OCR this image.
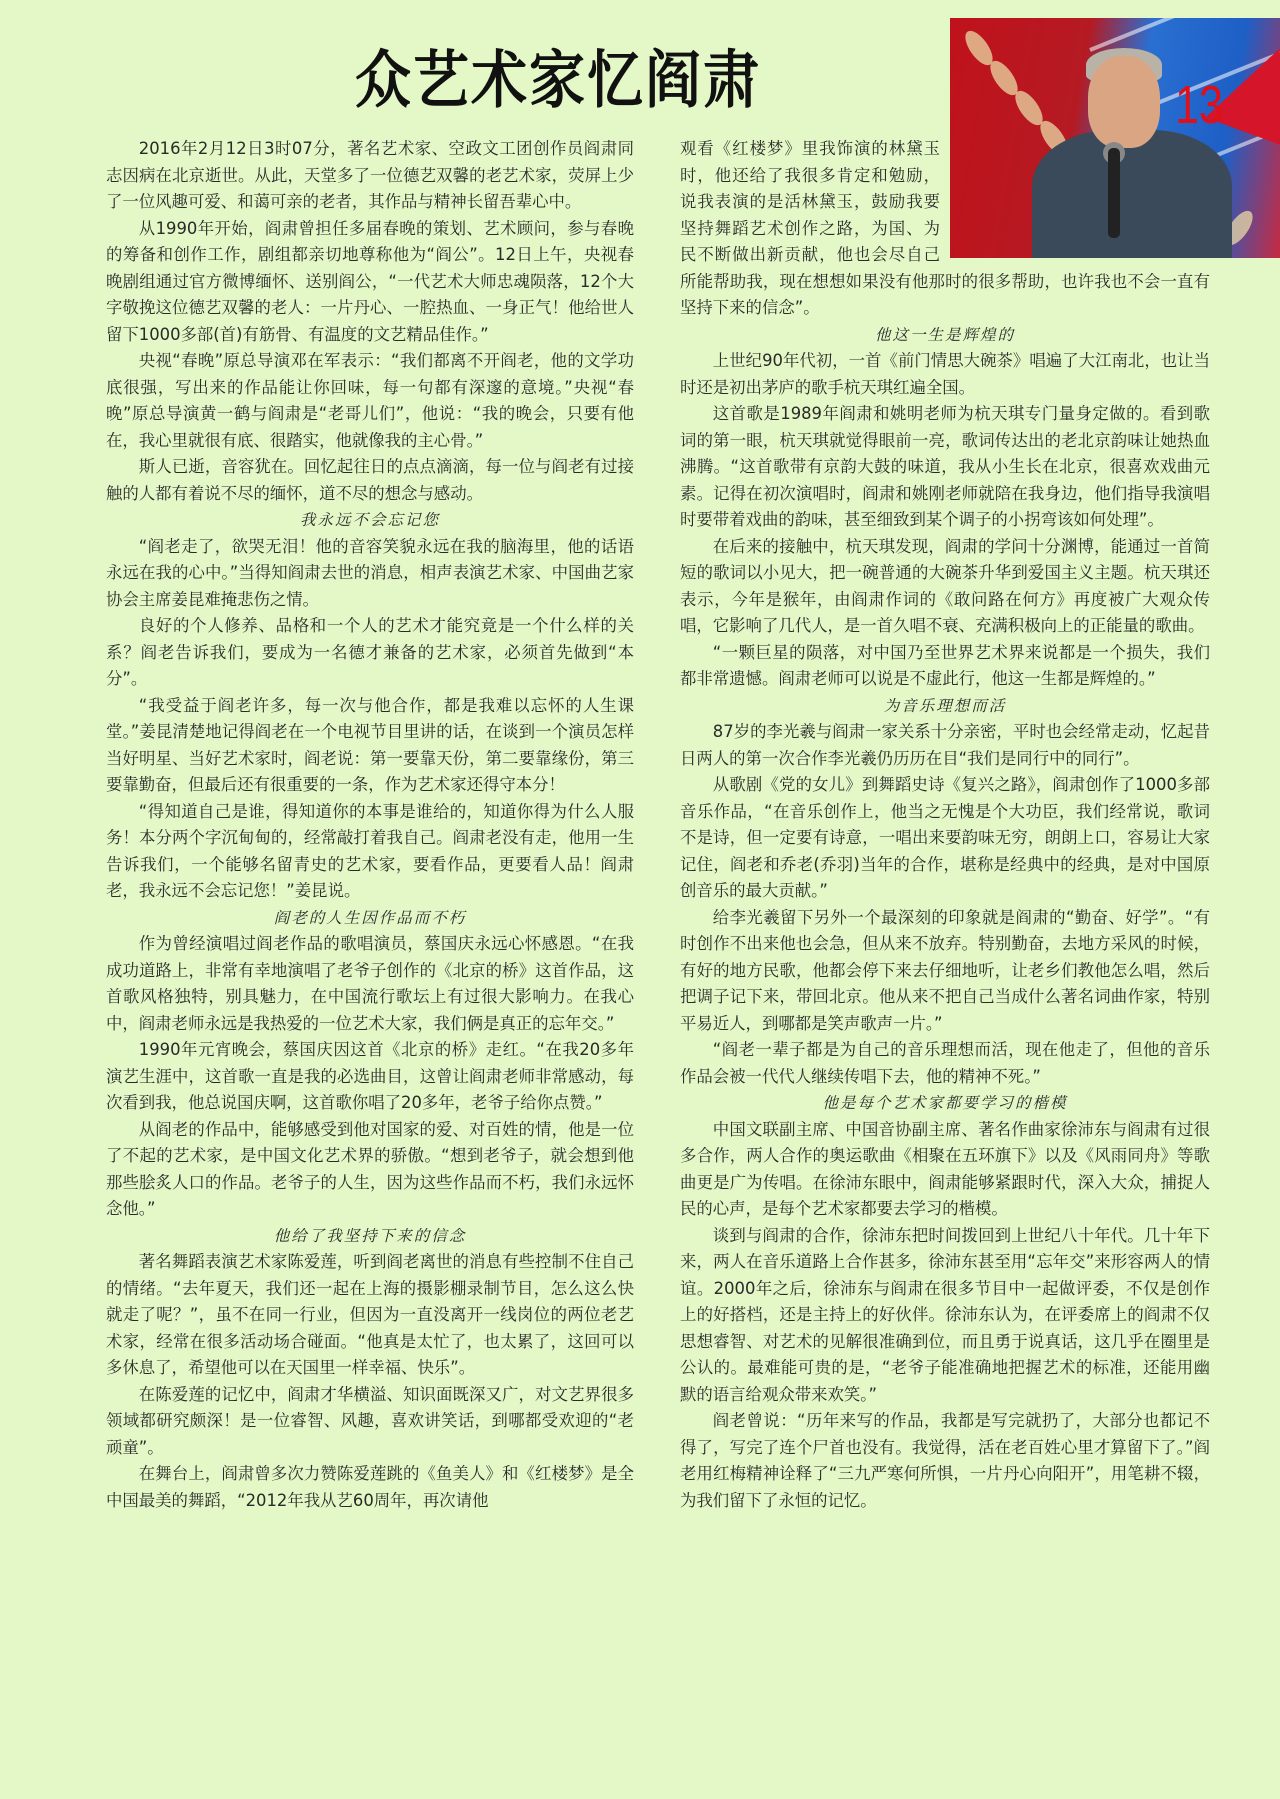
众艺术家忆阎肃	13

2016年2月12日3时07分，著名艺术家、空政文工团创作员阎肃同志因病在北京逝世。从此，天堂多了一位德艺双馨的老艺术家，荧屏上少了一位风趣可爱、和蔼可亲的老者，其作品与精神长留吾辈心中。

从1990年开始，阎肃曾担任多届春晚的策划、艺术顾问，参与春晚的筹备和创作工作，剧组都亲切地尊称他为“阎公”。12日上午，央视春晚剧组通过官方微博缅怀、送别阎公，“一代艺术大师忠魂陨落，12个大字敬挽这位德艺双馨的老人：一片丹心、一腔热血、一身正气！他给世人留下1000多部(首)有筋骨、有温度的文艺精品佳作。”

央视“春晚”原总导演邓在军表示：“我们都离不开阎老，他的文学功底很强，写出来的作品能让你回味，每一句都有深邃的意境。”央视“春晚”原总导演黄一鹤与阎肃是“老哥儿们”，他说：“我的晚会，只要有他在，我心里就很有底、很踏实，他就像我的主心骨。”

斯人已逝，音容犹在。回忆起往日的点点滴滴，每一位与阎老有过接触的人都有着说不尽的缅怀，道不尽的想念与感动。

我永远不会忘记您

“阎老走了，欲哭无泪！他的音容笑貌永远在我的脑海里，他的话语永远在我的心中。”当得知阎肃去世的消息，相声表演艺术家、中国曲艺家协会主席姜昆难掩悲伤之情。

良好的个人修养、品格和一个人的艺术才能究竟是一个什么样的关系？阎老告诉我们，要成为一名德才兼备的艺术家，必须首先做到“本分”。

“我受益于阎老许多，每一次与他合作，都是我难以忘怀的人生课堂。”姜昆清楚地记得阎老在一个电视节目里讲的话，在谈到一个演员怎样当好明星、当好艺术家时，阎老说：第一要靠天份，第二要靠缘份，第三要靠勤奋，但最后还有很重要的一条，作为艺术家还得守本分！

“得知道自己是谁，得知道你的本事是谁给的，知道你得为什么人服务！本分两个字沉甸甸的，经常敲打着我自己。阎肃老没有走，他用一生告诉我们，一个能够名留青史的艺术家，要看作品，更要看人品！阎肃老，我永远不会忘记您！”姜昆说。

阎老的人生因作品而不朽

作为曾经演唱过阎老作品的歌唱演员，蔡国庆永远心怀感恩。“在我成功道路上，非常有幸地演唱了老爷子创作的《北京的桥》这首作品，这首歌风格独特，别具魅力，在中国流行歌坛上有过很大影响力。在我心中，阎肃老师永远是我热爱的一位艺术大家，我们俩是真正的忘年交。”

1990年元宵晚会，蔡国庆因这首《北京的桥》走红。“在我20多年演艺生涯中，这首歌一直是我的必选曲目，这曾让阎肃老师非常感动，每次看到我，他总说国庆啊，这首歌你唱了20多年，老爷子给你点赞。”

从阎老的作品中，能够感受到他对国家的爱、对百姓的情，他是一位了不起的艺术家，是中国文化艺术界的骄傲。“想到老爷子，就会想到他那些脍炙人口的作品。老爷子的人生，因为这些作品而不朽，我们永远怀念他。”

他给了我坚持下来的信念

著名舞蹈表演艺术家陈爱莲，听到阎老离世的消息有些控制不住自己的情绪。“去年夏天，我们还一起在上海的摄影棚录制节目，怎么这么快就走了呢？”，虽不在同一行业，但因为一直没离开一线岗位的两位老艺术家，经常在很多活动场合碰面。“他真是太忙了，也太累了，这回可以多休息了，希望他可以在天国里一样幸福、快乐”。

在陈爱莲的记忆中，阎肃才华横溢、知识面既深又广，对文艺界很多领域都研究颇深！是一位睿智、风趣，喜欢讲笑话，到哪都受欢迎的“老顽童”。

在舞台上，阎肃曾多次力赞陈爱莲跳的《鱼美人》和《红楼梦》是全中国最美的舞蹈，“2012年我从艺60周年，再次请他

观看《红楼梦》里我饰演的林黛玉时，他还给了我很多肯定和勉励，说我表演的是活林黛玉，鼓励我要坚持舞蹈艺术创作之路，为国、为民不断做出新贡献，他也会尽自己所能帮助我，现在想想如果没有他那时的很多帮助，也许我也不会一直有坚持下来的信念”。

他这一生是辉煌的

上世纪90年代初，一首《前门情思大碗茶》唱遍了大江南北，也让当时还是初出茅庐的歌手杭天琪红遍全国。

这首歌是1989年阎肃和姚明老师为杭天琪专门量身定做的。看到歌词的第一眼，杭天琪就觉得眼前一亮，歌词传达出的老北京韵味让她热血沸腾。“这首歌带有京韵大鼓的味道，我从小生长在北京，很喜欢戏曲元素。记得在初次演唱时，阎肃和姚刚老师就陪在我身边，他们指导我演唱时要带着戏曲的韵味，甚至细致到某个调子的小拐弯该如何处理”。

在后来的接触中，杭天琪发现，阎肃的学问十分渊博，能通过一首简短的歌词以小见大，把一碗普通的大碗茶升华到爱国主义主题。杭天琪还表示，今年是猴年，由阎肃作词的《敢问路在何方》再度被广大观众传唱，它影响了几代人，是一首久唱不衰、充满积极向上的正能量的歌曲。

“一颗巨星的陨落，对中国乃至世界艺术界来说都是一个损失，我们都非常遗憾。阎肃老师可以说是不虚此行，他这一生都是辉煌的。”

为音乐理想而活

87岁的李光羲与阎肃一家关系十分亲密，平时也会经常走动，忆起昔日两人的第一次合作李光羲仍历历在目“我们是同行中的同行”。

从歌剧《党的女儿》到舞蹈史诗《复兴之路》，阎肃创作了1000多部音乐作品，“在音乐创作上，他当之无愧是个大功臣，我们经常说，歌词不是诗，但一定要有诗意，一唱出来要韵味无穷，朗朗上口，容易让大家记住，阎老和乔老(乔羽)当年的合作，堪称是经典中的经典，是对中国原创音乐的最大贡献。”

给李光羲留下另外一个最深刻的印象就是阎肃的“勤奋、好学”。“有时创作不出来他也会急，但从来不放弃。特别勤奋，去地方采风的时候，有好的地方民歌，他都会停下来去仔细地听，让老乡们教他怎么唱，然后把调子记下来，带回北京。他从来不把自己当成什么著名词曲作家，特别平易近人，到哪都是笑声歌声一片。”

“阎老一辈子都是为自己的音乐理想而活，现在他走了，但他的音乐作品会被一代代人继续传唱下去，他的精神不死。”

他是每个艺术家都要学习的楷模

中国文联副主席、中国音协副主席、著名作曲家徐沛东与阎肃有过很多合作，两人合作的奥运歌曲《相聚在五环旗下》以及《风雨同舟》等歌曲更是广为传唱。在徐沛东眼中，阎肃能够紧跟时代，深入大众，捕捉人民的心声，是每个艺术家都要去学习的楷模。

谈到与阎肃的合作，徐沛东把时间拨回到上世纪八十年代。几十年下来，两人在音乐道路上合作甚多，徐沛东甚至用“忘年交”来形容两人的情谊。2000年之后，徐沛东与阎肃在很多节目中一起做评委，不仅是创作上的好搭档，还是主持上的好伙伴。徐沛东认为，在评委席上的阎肃不仅思想睿智、对艺术的见解很准确到位，而且勇于说真话，这几乎在圈里是公认的。最难能可贵的是，“老爷子能准确地把握艺术的标准，还能用幽默的语言给观众带来欢笑。”

阎老曾说：“历年来写的作品，我都是写完就扔了，大部分也都记不得了，写完了连个尸首也没有。我觉得，活在老百姓心里才算留下了。”阎老用红梅精神诠释了“三九严寒何所惧，一片丹心向阳开”，用笔耕不辍，为我们留下了永恒的记忆。
